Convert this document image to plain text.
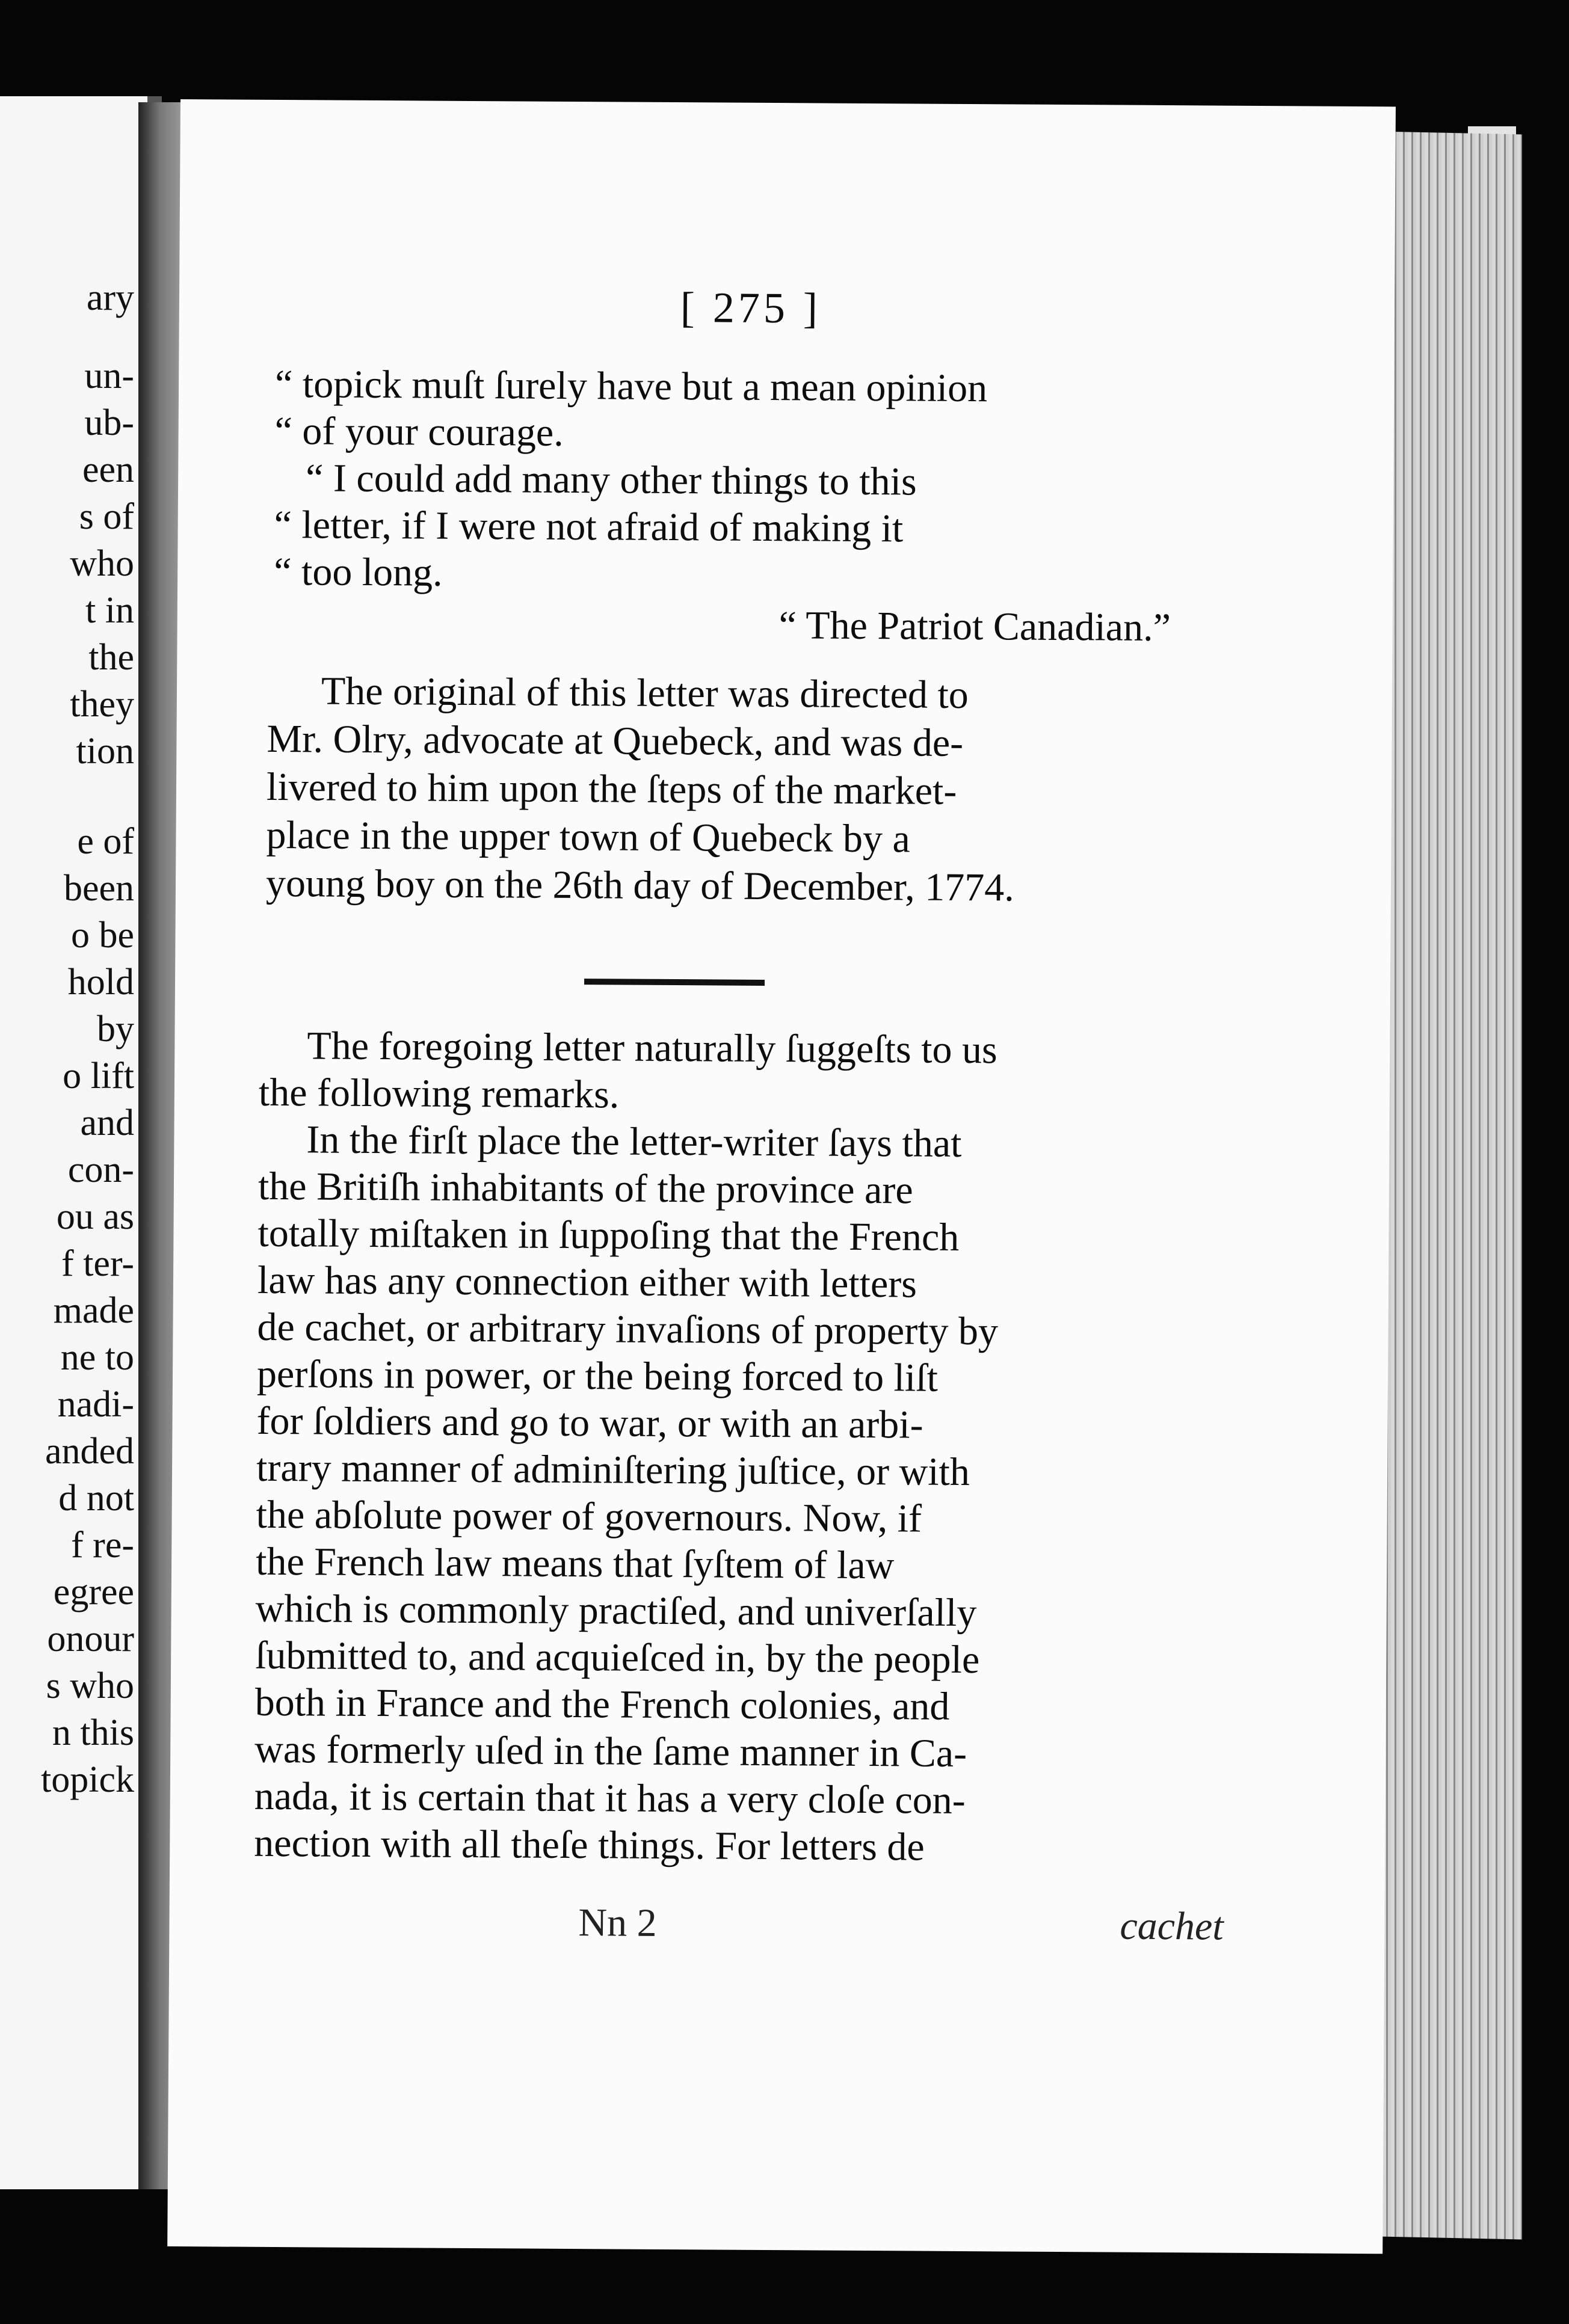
ary
un-
ub-
een
s of
who
t in
the
they
tion
e of
been
o be
hold
by
o lift
and
con-
ou as
f ter-
made
ne to
nadi-
anded
d not
f re-
egree
onour
s who
n this
topick
[ 275 ]
“ topick muſt ſurely have but a mean opinion
“ of your courage.
“ I could add many other things to this
“ letter, if I were not afraid of making it
“ too long.
“ The Patriot Canadian.”
The original of this letter was directed to
Mr. Olry, advocate at Quebeck, and was de-
livered to him upon the ſteps of the market-
place in the upper town of Quebeck by a
young boy on the 26th day of December, 1774.
The foregoing letter naturally ſuggeſts to us
the following remarks.
In the firſt place the letter-writer ſays that
the Britiſh inhabitants of the province are
totally miſtaken in ſuppoſing that the French
law has any connection either with letters
de cachet, or arbitrary invaſions of property by
perſons in power, or the being forced to liſt
for ſoldiers and go to war, or with an arbi-
trary manner of adminiſtering juſtice, or with
the abſolute power of governours. Now, if
the French law means that ſyſtem of law
which is commonly practiſed, and univerſally
ſubmitted to, and acquieſced in, by the people
both in France and the French colonies, and
was formerly uſed in the ſame manner in Ca-
nada, it is certain that it has a very cloſe con-
nection with all theſe things. For letters de
Nn 2	cachet
